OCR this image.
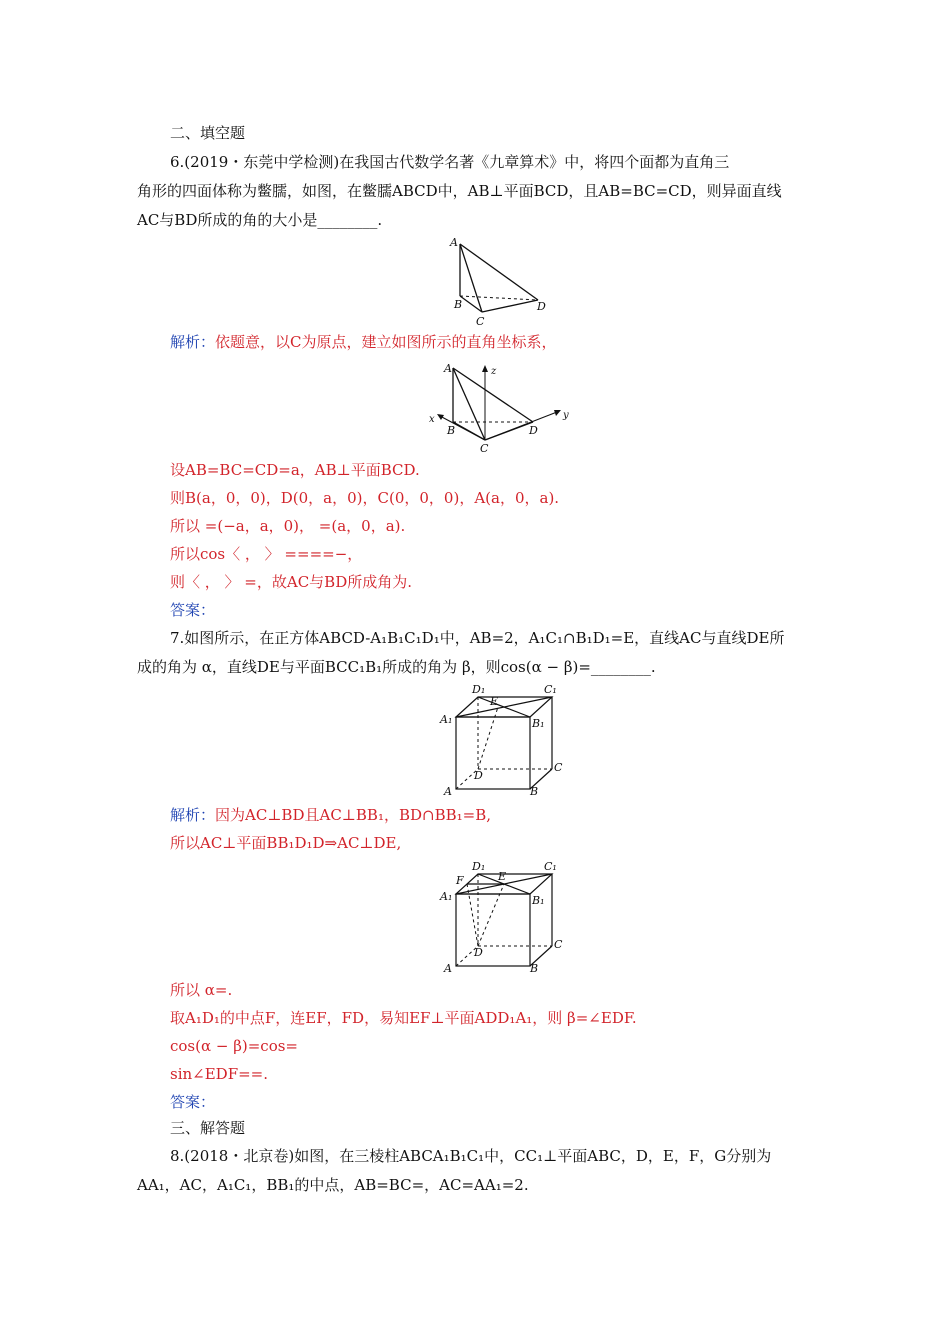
二、填空题
6.(2019・东莞中学检测)在我国古代数学名著《九章算术》中，将四个面都为直角三
角形的四面体称为鳖臑，如图，在鳖臑ABCD中，AB⊥平面BCD，且AB=BC=CD，则异面直线
AC与BD所成的角的大小是________.
A
B
C
D
解析：依题意，以C为原点，建立如图所示的直角坐标系，
A
B
C
D
x	y
z
设AB=BC=CD=a，AB⊥平面BCD.
则B(a，0，0)，D(0，a，0)，C(0，0，0)，A(a，0，a).
所以 =(−a，a，0)， =(a，0，a).
所以cos〈 ， 〉 ====−，
则〈 ， 〉 =，故AC与BD所成角为.
答案：
7.如图所示，在正方体ABCD-A₁B₁C₁D₁中，AB=2，A₁C₁∩B₁D₁=E，直线AC与直线DE所
成的角为 α，直线DE与平面BCC₁B₁所成的角为 β，则cos(α − β)=________.
D₁	C₁
A₁	B₁
E
D
C
A	B
解析：因为AC⊥BD且AC⊥BB₁，BD∩BB₁=B,
所以AC⊥平面BB₁D₁D⇒AC⊥DE,
D₁	C₁
A₁	B₁
F	E
D
C
A	B
所以 α=.
取A₁D₁的中点F，连EF，FD，易知EF⊥平面ADD₁A₁，则 β=∠EDF.
cos(α − β)=cos=
sin∠EDF==.
答案：
三、解答题
8.(2018・北京卷)如图，在三棱柱ABCA₁B₁C₁中，CC₁⊥平面ABC，D，E，F，G分别为
AA₁，AC，A₁C₁，BB₁的中点，AB=BC=，AC=AA₁=2.
